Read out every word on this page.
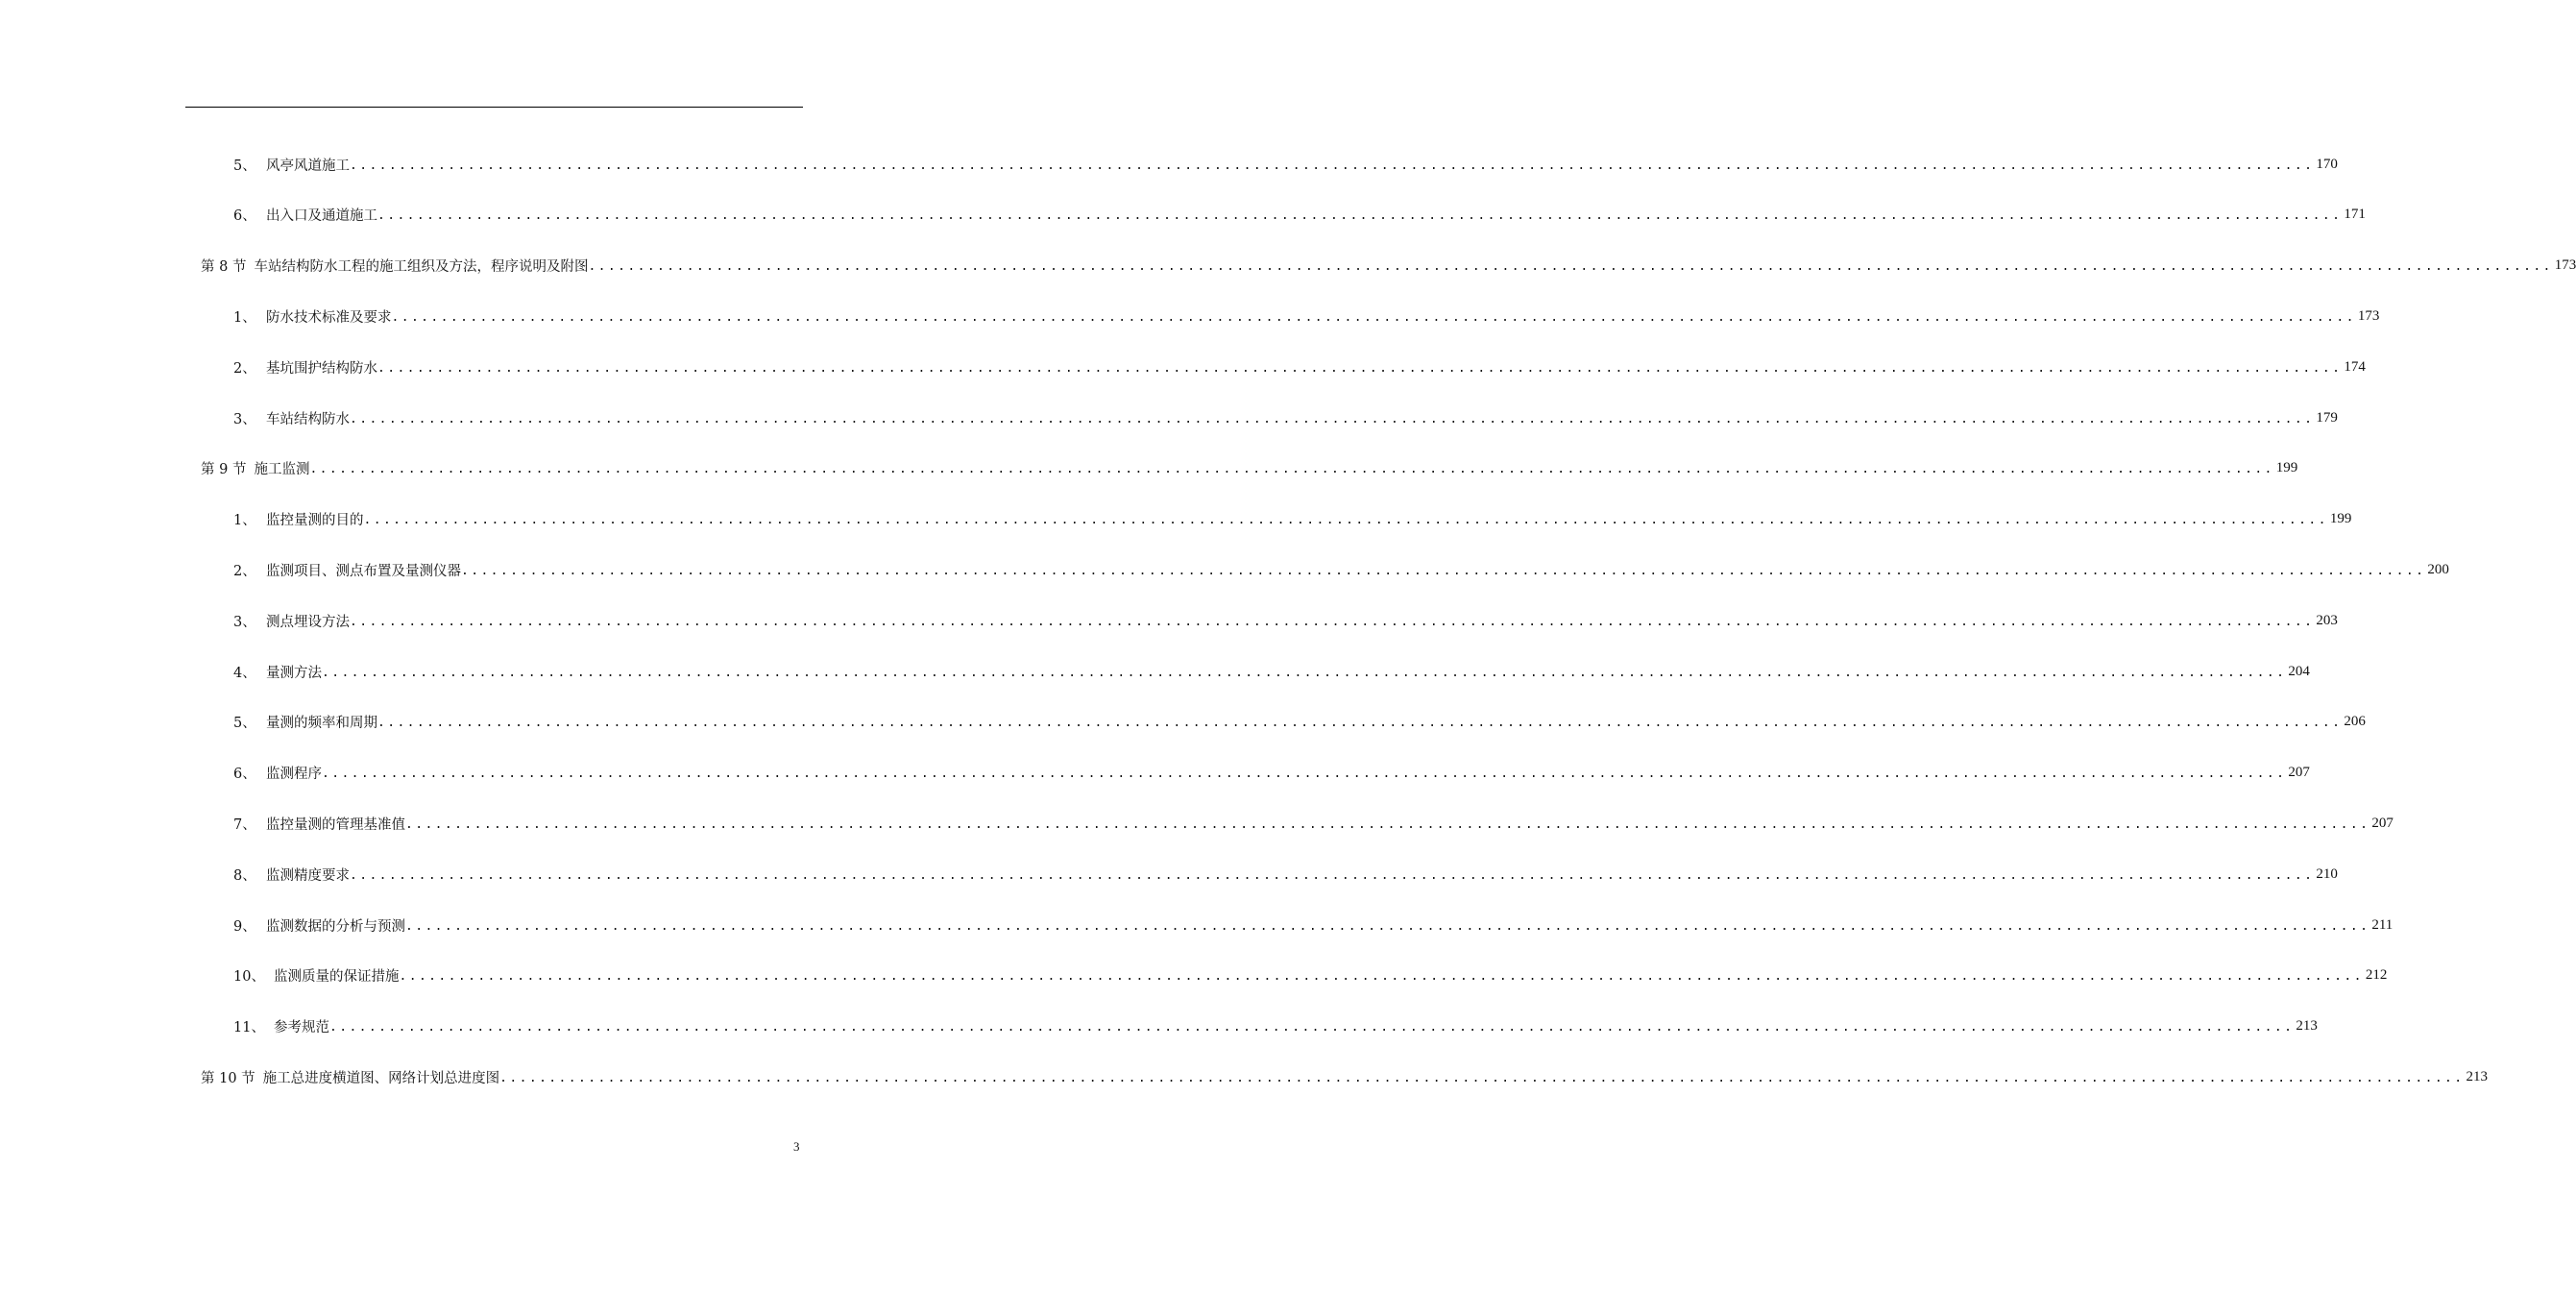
5、 风亭风道施工 ........................................................................................................................................................................................................ 170
6、 出入口及通道施工 ........................................................................................................................................................................................................ 171
第 8 节 车站结构防水工程的施工组织及方法，程序说明及附图 ........................................................................................................................................................................................................ 173
1、 防水技术标准及要求 ........................................................................................................................................................................................................ 173
2、 基坑围护结构防水 ........................................................................................................................................................................................................ 174
3、 车站结构防水 ........................................................................................................................................................................................................ 179
第 9 节 施工监测 ........................................................................................................................................................................................................ 199
1、 监控量测的目的 ........................................................................................................................................................................................................ 199
2、 监测项目、测点布置及量测仪器 ........................................................................................................................................................................................................ 200
3、 测点埋设方法 ........................................................................................................................................................................................................ 203
4、 量测方法 ........................................................................................................................................................................................................ 204
5、 量测的频率和周期 ........................................................................................................................................................................................................ 206
6、 监测程序 ........................................................................................................................................................................................................ 207
7、 监控量测的管理基准值 ........................................................................................................................................................................................................ 207
8、 监测精度要求 ........................................................................................................................................................................................................ 210
9、 监测数据的分析与预测 ........................................................................................................................................................................................................ 211
10、 监测质量的保证措施 ........................................................................................................................................................................................................ 212
11、 参考规范 ........................................................................................................................................................................................................ 213
第 10 节 施工总进度横道图、网络计划总进度图 ........................................................................................................................................................................................................ 213
3
